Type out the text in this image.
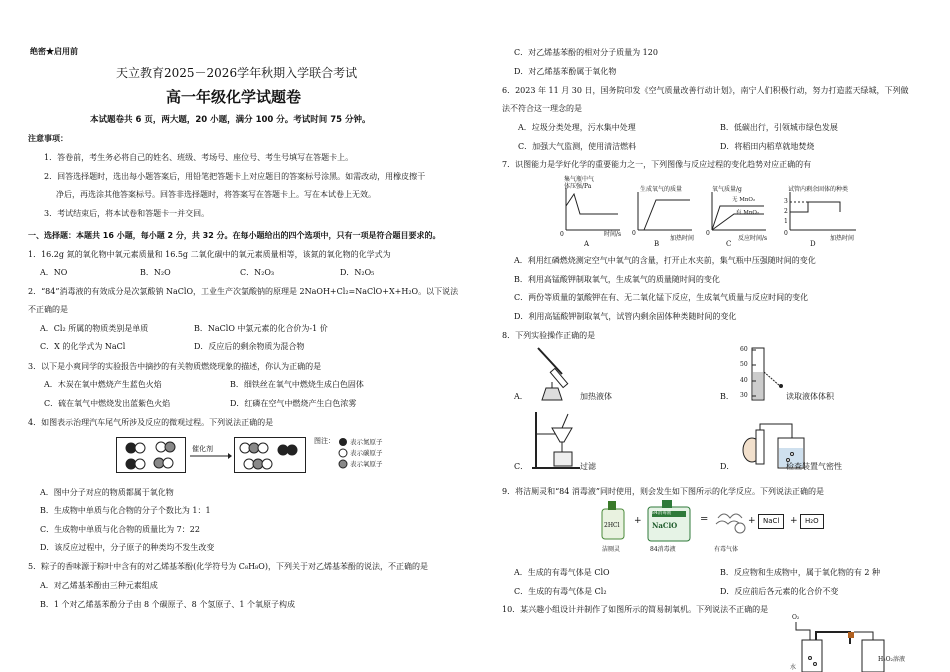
绝密★启用前
天立教育2025－2026学年秋期入学联合考试
高一年级化学试题卷
本试题卷共 6 页，两大题，20 小题，满分 100 分。考试时间 75 分钟。
注意事项：
1．答卷前，考生务必将自己的姓名、班级、考场号、座位号、考生号填写在答题卡上。
2．回答选择题时，选出每小题答案后，用铅笔把答题卡上对应题目的答案标号涂黑。如需改动，用橡皮擦干
净后，再选涂其他答案标号。回答非选择题时，将答案写在答题卡上。写在本试卷上无效。
3．考试结束后，将本试卷和答题卡一并交回。
一、选择题：本题共 16 小题，每小题 2 分，共 32 分。在每小题给出的四个选项中，只有一项是符合题目要求的。
1．16.2g 氮的氧化物中氧元素质量和 16.5g 二氧化碳中的氧元素质量相等，该氮的氧化物的化学式为
A．NO	B．N₂O	C．N₂O₃	D．N₂O₅
2．“84”消毒液的有效成分是次氯酸钠 NaClO，工业生产次氯酸钠的原理是 2NaOH+Cl₂=NaClO+X+H₂O。以下说法
不正确的是
A．Cl₂ 所属的物质类别是单质	B．NaClO 中氯元素的化合价为-1 价
C．X 的化学式为 NaCl	D．反应后的剩余物质为混合物
3．以下是小爽同学的实验报告中摘抄的有关物质燃烧现象的描述，你认为正确的是
A．木炭在氧中燃烧产生蓝色火焰	B．细铁丝在氧气中燃烧生成白色固体
C．硫在氧气中燃烧发出蓝紫色火焰	D．红磷在空气中燃烧产生白色浓雾
4．如图表示治理汽车尾气所涉及反应的微观过程。下列说法正确的是
催化剂
图注： 表示氮原子
表示碳原子
表示氧原子
A．图中分子对应的物质都属于氧化物
B．生成物中单质与化合物的分子个数比为 1：1
C．生成物中单质与化合物的质量比为 7：22
D．该反应过程中，分子原子的种类均不发生改变
5．粽子的香味源于粽叶中含有的对乙烯基苯酚(化学符号为 C₈H₈O)，下列关于对乙烯基苯酚的说法，不正确的是
A．对乙烯基苯酚由三种元素组成
B．1 个对乙烯基苯酚分子由 8 个碳原子、8 个氢原子、1 个氧原子构成
C．对乙烯基苯酚的相对分子质量为 120
D．对乙烯基苯酚属于氧化物
6．2023 年 11 月 30 日，国务院印发《空气质量改善行动计划》，南宁人们积极行动，努力打造蓝天绿城，下列做
法不符合这一理念的是
A．垃圾分类处理，污水集中处理	B．低碳出行，引领城市绿色发展
C．加强大气监测，使用清洁燃料	D．将稻田内稻草就地焚烧
7．识图能力是学好化学的重要能力之一，下列图像与反应过程的变化趋势对应正确的有
集气瓶中气
体压强/Pa
0	时间/s
A
生成氧气的质量
0
加热时间
B
氧气质量/g
无 MnO₂
有 MnO₂
0
反应时间/s
C
试管内剩余固体的种类
3
2
1
0
加热时间
D
A．利用红磷燃烧测定空气中氧气的含量，打开止水夹前，集气瓶中压强随时间的变化
B．利用高锰酸钾制取氧气，生成氧气的质量随时间的变化
C．两份等质量的氯酸钾在有、无二氧化锰下反应，生成氧气质量与反应时间的变化
D．利用高锰酸钾制取氧气，试管内剩余固体种类随时间的变化
8．下列实验操作正确的是
A．	加热液体
60
50
40
30
B．	读取液体体积
C．	过滤	D．	检查装置气密性
9．将洁厕灵和“84 消毒液”同时使用，则会发生如下图所示的化学反应。下列说法正确的是
2HCl
洁厕灵
+
84消毒液
NaClO
84消毒液
=
有毒气体
+	NaCl	+	H₂O
A．生成的有毒气体是 ClO	B．反应物和生成物中，属于氧化物的有 2 种
C．生成的有毒气体是 Cl₂	D．反应前后各元素的化合价不变
10．某兴趣小组设计并制作了如图所示的简易制氧机。下列说法不正确的是
O₂
H₂O₂溶液
水
